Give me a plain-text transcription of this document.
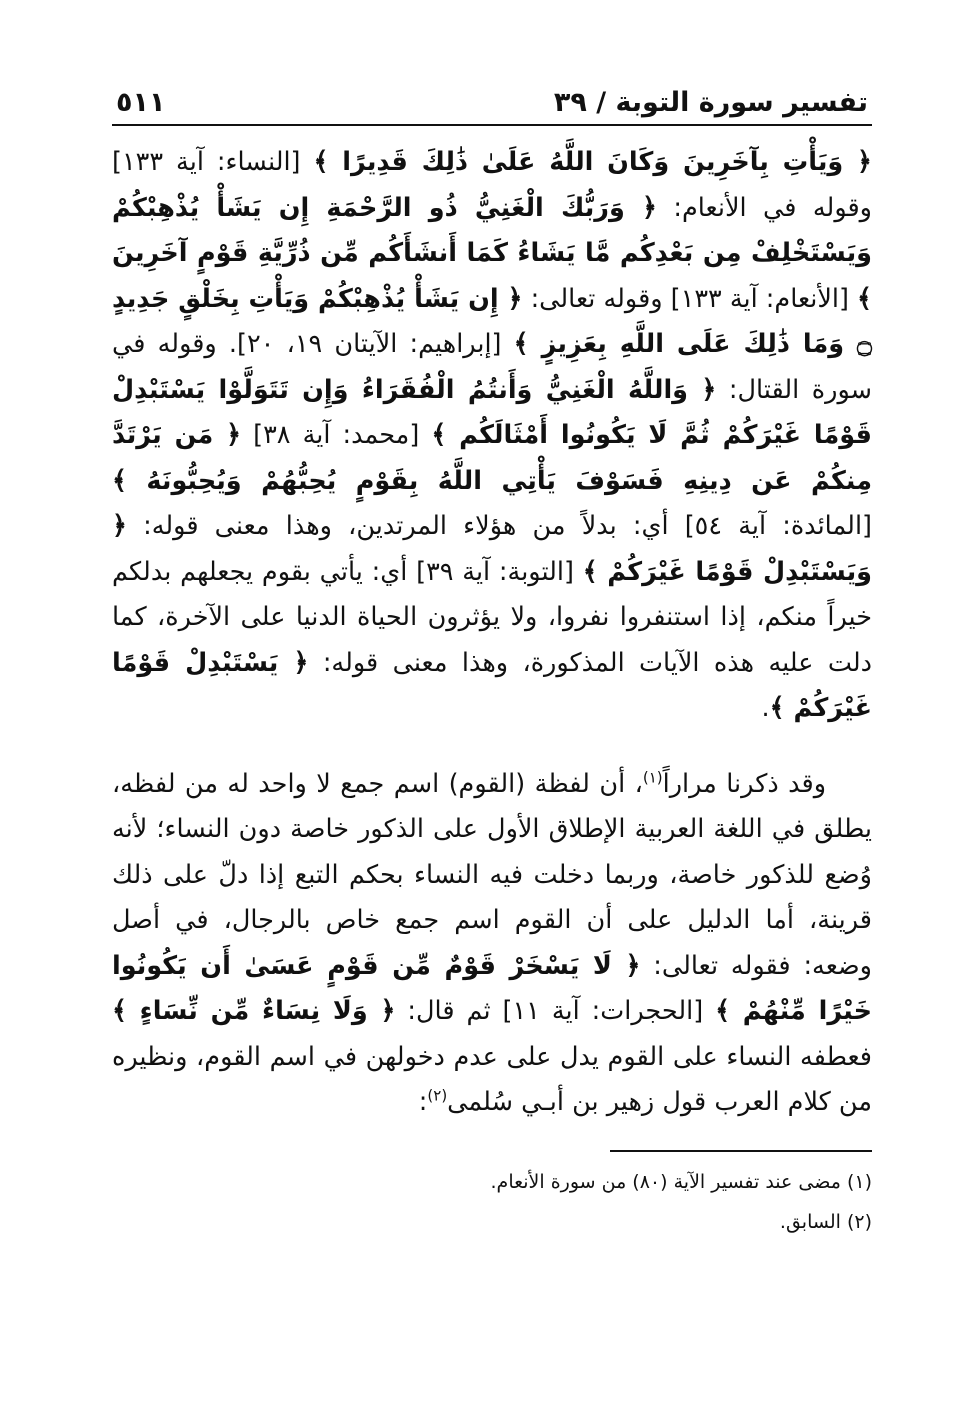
تفسير سورة التوبة / ٣٩
٥١١

﴿ وَيَأْتِ بِآخَرِينَ وَكَانَ اللَّهُ عَلَىٰ ذَٰلِكَ قَدِيرًا ﴾ [النساء: آية ١٣٣] وقوله في الأنعام: ﴿ وَرَبُّكَ الْغَنِيُّ ذُو الرَّحْمَةِ إِن يَشَأْ يُذْهِبْكُمْ وَيَسْتَخْلِفْ مِن بَعْدِكُم مَّا يَشَاءُ كَمَا أَنشَأَكُم مِّن ذُرِّيَّةِ قَوْمٍ آخَرِينَ ﴾ [الأنعام: آية ١٣٣] وقوله تعالى: ﴿ إِن يَشَأْ يُذْهِبْكُمْ وَيَأْتِ بِخَلْقٍ جَدِيدٍ ۝ وَمَا ذَٰلِكَ عَلَى اللَّهِ بِعَزِيزٍ ﴾ [إبراهيم: الآيتان ١٩، ٢٠]. وقوله في سورة القتال: ﴿ وَاللَّهُ الْغَنِيُّ وَأَنتُمُ الْفُقَرَاءُ وَإِن تَتَوَلَّوْا يَسْتَبْدِلْ قَوْمًا غَيْرَكُمْ ثُمَّ لَا يَكُونُوا أَمْثَالَكُم ﴾ [محمد: آية ٣٨] ﴿ مَن يَرْتَدَّ مِنكُمْ عَن دِينِهِ فَسَوْفَ يَأْتِي اللَّهُ بِقَوْمٍ يُحِبُّهُمْ وَيُحِبُّونَهُ ﴾ [المائدة: آية ٥٤] أي: بدلاً من هؤلاء المرتدين، وهذا معنى قوله: ﴿ وَيَسْتَبْدِلْ قَوْمًا غَيْرَكُمْ ﴾ [التوبة: آية ٣٩] أي: يأتي بقوم يجعلهم بدلكم خيراً منكم، إذا استنفروا نفروا، ولا يؤثرون الحياة الدنيا على الآخرة، كما دلت عليه هذه الآيات المذكورة، وهذا معنى قوله: ﴿ يَسْتَبْدِلْ قَوْمًا غَيْرَكُمْ ﴾.

وقد ذكرنا مراراً$^{(١)}$، أن لفظة (القوم) اسم جمع لا واحد له من لفظه، يطلق في اللغة العربية الإطلاق الأول على الذكور خاصة دون النساء؛ لأنه وُضع للذكور خاصة، وربما دخلت فيه النساء بحكم التبع إذا دلّ على ذلك قرينة، أما الدليل على أن القوم اسم جمع خاص بالرجال، في أصل وضعه: فقوله تعالى: ﴿ لَا يَسْخَرْ قَوْمٌ مِّن قَوْمٍ عَسَىٰ أَن يَكُونُوا خَيْرًا مِّنْهُمْ ﴾ [الحجرات: آية ١١] ثم قال: ﴿ وَلَا نِسَاءٌ مِّن نِّسَاءٍ ﴾ فعطفه النساء على القوم يدل على عدم دخولهن في اسم القوم، ونظيره من كلام العرب قول زهير بن أبـي سُلمى$^{(٢)}$:

(١) مضى عند تفسير الآية (٨٠) من سورة الأنعام.

(٢) السابق.
